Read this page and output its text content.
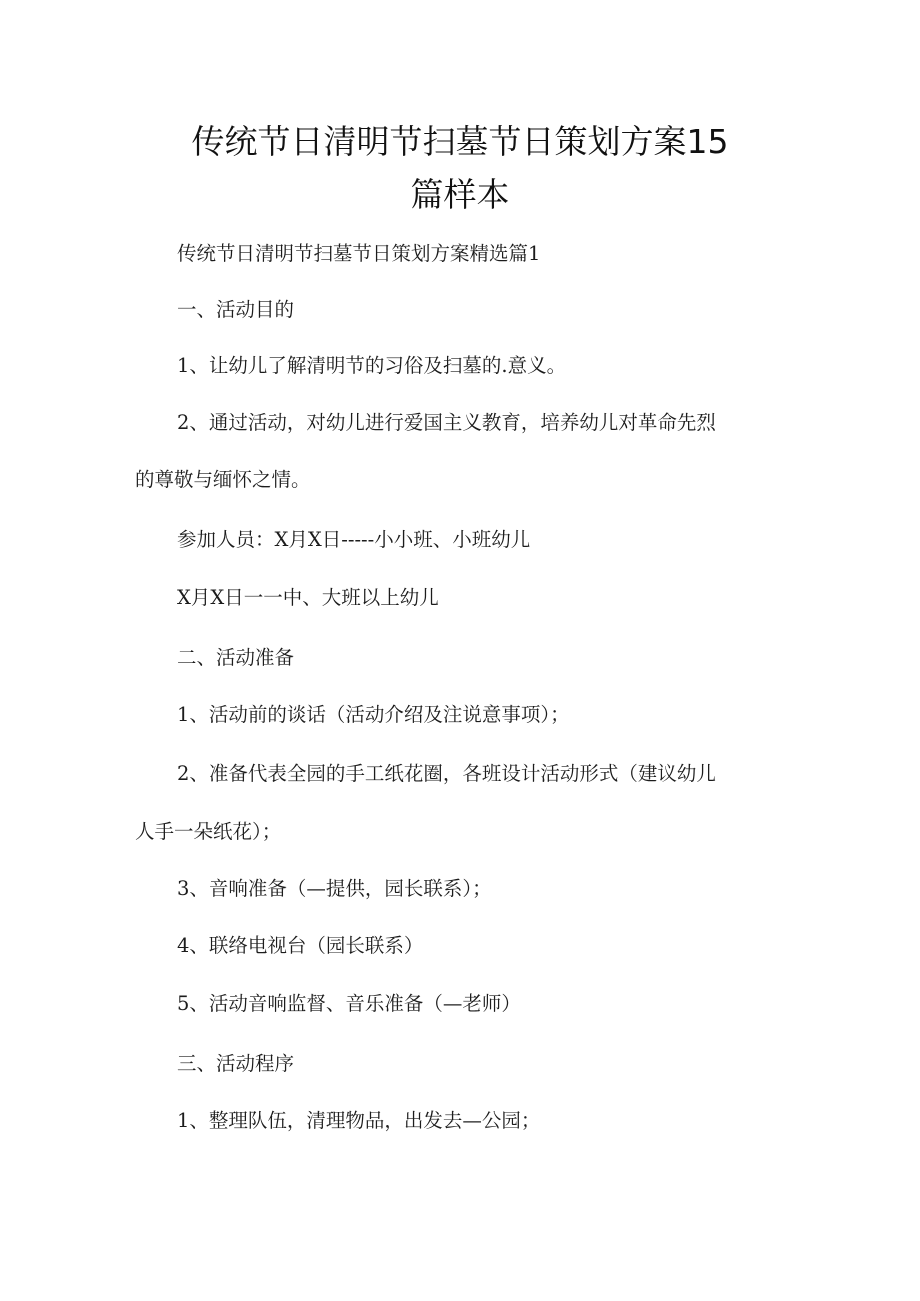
传统节日清明节扫墓节日策划方案15
篇样本
传统节日清明节扫墓节日策划方案精选篇1
一、活动目的
1、让幼儿了解清明节的习俗及扫墓的.意义。
2、通过活动，对幼儿进行爱国主义教育，培养幼儿对革命先烈
的尊敬与缅怀之情。
参加人员：X月X日-----小小班、小班幼儿
X月X日一一中、大班以上幼儿
二、活动准备
1、活动前的谈话（活动介绍及注说意事项）；
2、准备代表全园的手工纸花圈，各班设计活动形式（建议幼儿
人手一朵纸花）；
3、音响准备（—提供，园长联系）；
4、联络电视台（园长联系）
5、活动音响监督、音乐准备（—老师）
三、活动程序
1、整理队伍，清理物品，出发去—公园；
